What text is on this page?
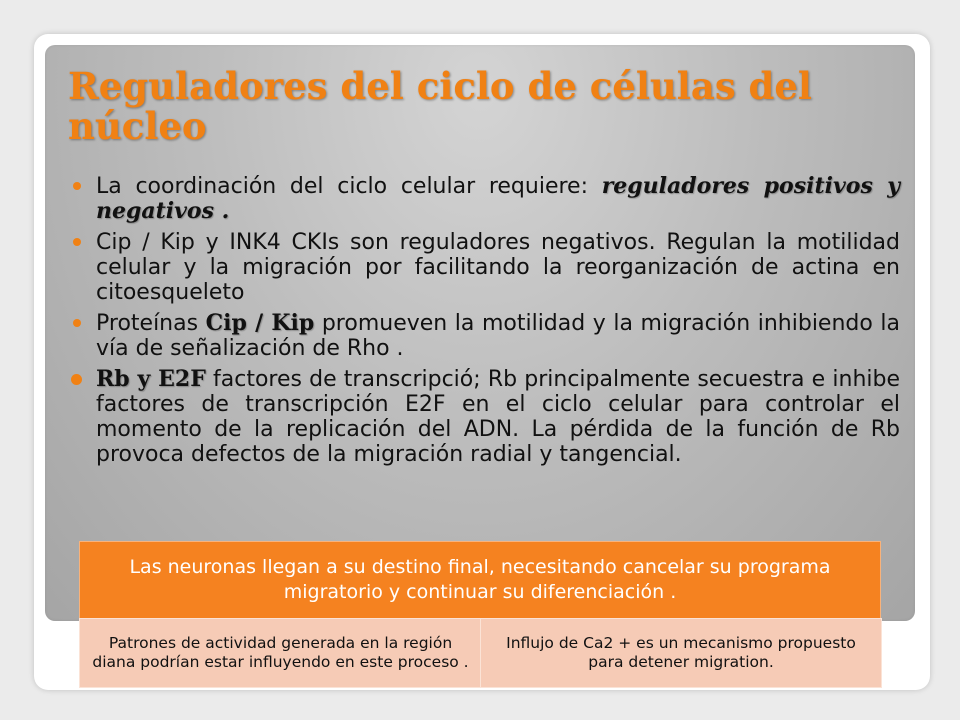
Reguladores del ciclo de células del núcleo
La coordinación del ciclo celular requiere: reguladores positivos y negativos .
Cip / Kip y INK4 CKIs son reguladores negativos. Regulan la motilidad celular y la migración por facilitando la reorganización de actina en citoesqueleto
Proteínas Cip / Kip promueven la motilidad y la migración inhibiendo la vía de señalización de Rho .
Rb y E2F factores de transcripció; Rb principalmente secuestra e inhibe factores de transcripción E2F en el ciclo celular para controlar el momento de la replicación del ADN. La pérdida de la función de Rb provoca defectos de la migración radial y tangencial.
Las neuronas llegan a su destino final, necesitando cancelar su programa migratorio y continuar su diferenciación .
Patrones de actividad generada en la región diana podrían estar influyendo en este proceso .
Influjo de Ca2 + es un mecanismo propuesto para detener migration.
